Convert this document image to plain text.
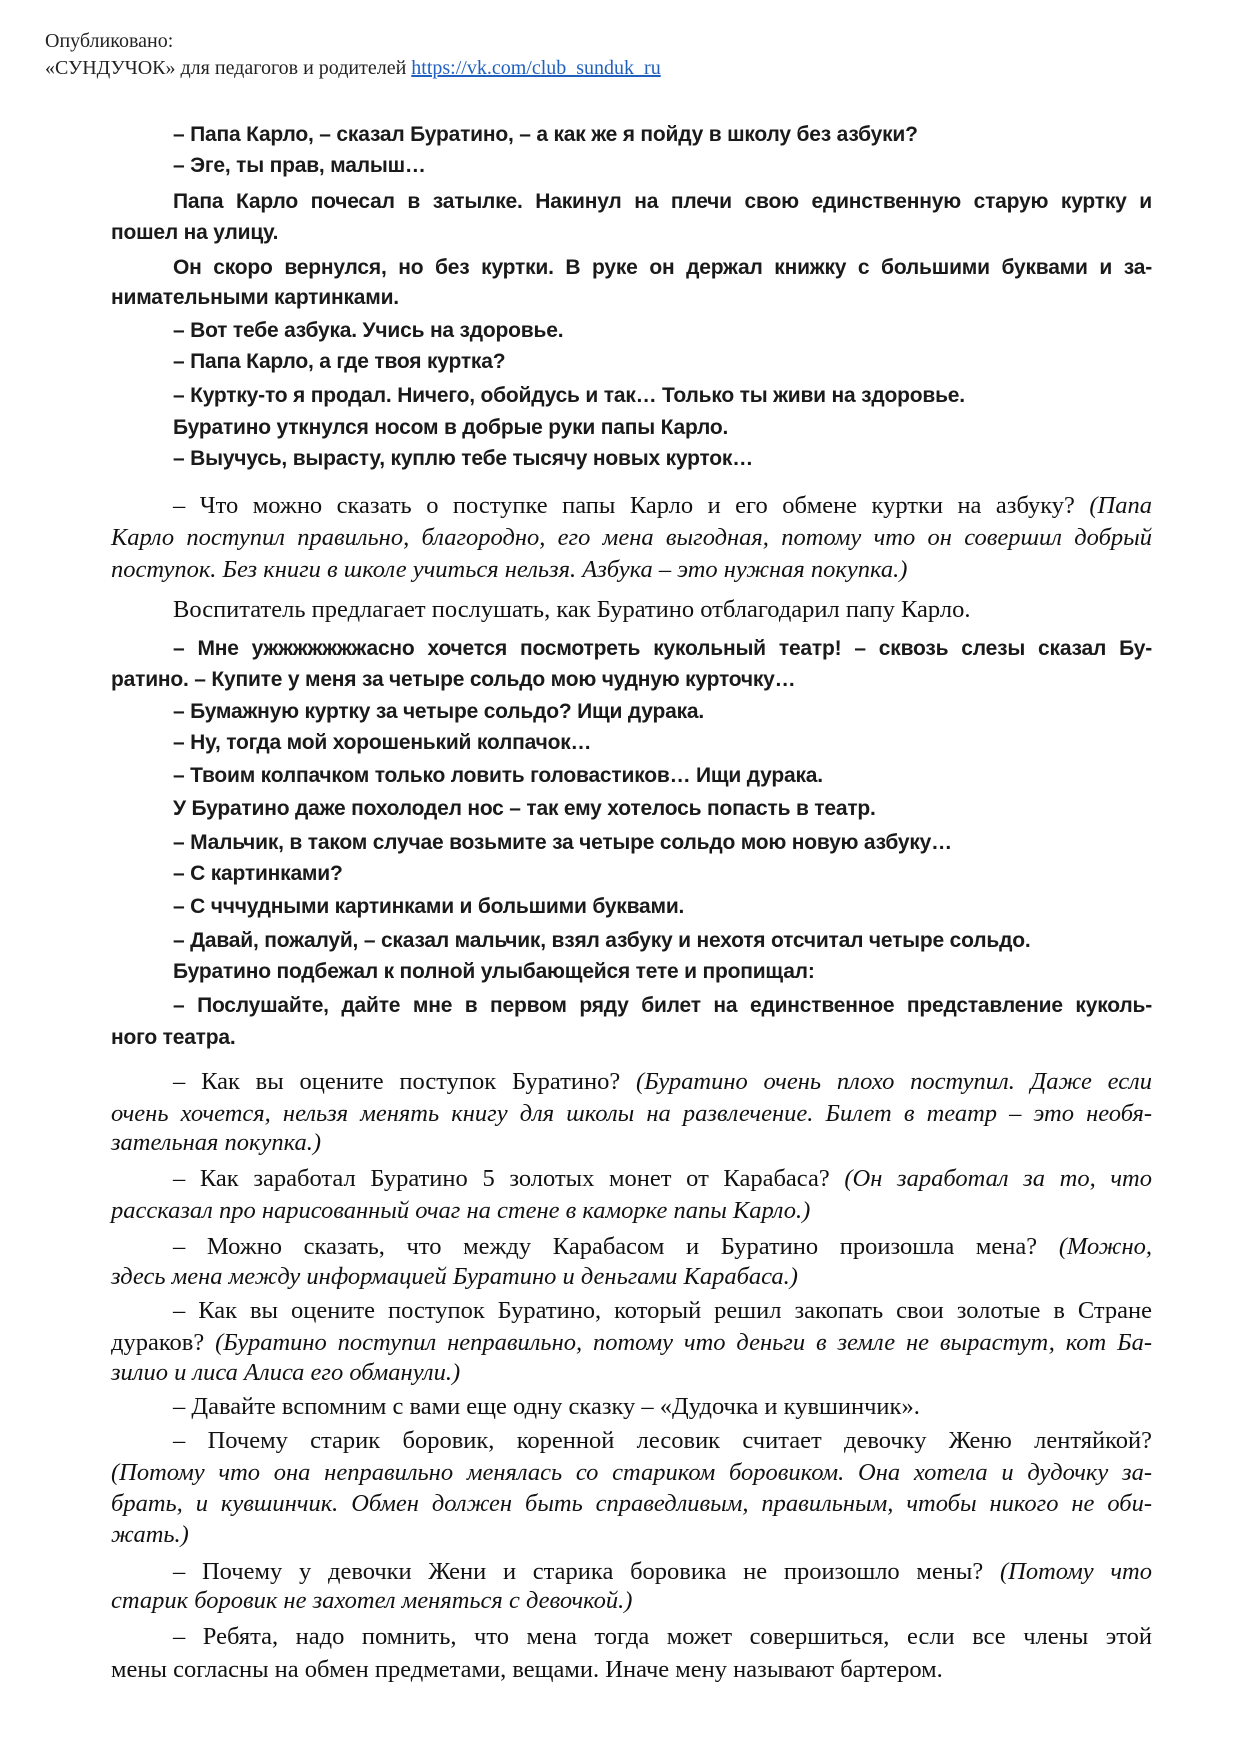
Опубликовано:
«СУНДУЧОК» для педагогов и родителей https://vk.com/club_sunduk_ru
– Папа Карло, – сказал Буратино, – а как же я пойду в школу без азбуки?
– Эге, ты прав, малыш…
Папа Карло почесал в затылке. Накинул на плечи свою единственную старую куртку и
пошел на улицу.
Он скоро вернулся, но без куртки. В руке он держал книжку с большими буквами и за-
нимательными картинками.
– Вот тебе азбука. Учись на здоровье.
– Папа Карло, а где твоя куртка?
– Куртку-то я продал. Ничего, обойдусь и так… Только ты живи на здоровье.
Буратино уткнулся носом в добрые руки папы Карло.
– Выучусь, вырасту, куплю тебе тысячу новых курток…
– Что можно сказать о поступке папы Карло и его обмене куртки на азбуку? (Папа
Карло поступил правильно, благородно, его мена выгодная, потому что он совершил добрый
поступок. Без книги в школе учиться нельзя. Азбука – это нужная покупка.)
Воспитатель предлагает послушать, как Буратино отблагодарил папу Карло.
– Мне ужжжжжжжасно хочется посмотреть кукольный театр! – сквозь слезы сказал Бу-
ратино. – Купите у меня за четыре сольдо мою чудную курточку…
– Бумажную куртку за четыре сольдо? Ищи дурака.
– Ну, тогда мой хорошенький колпачок…
– Твоим колпачком только ловить головастиков… Ищи дурака.
У Буратино даже похолодел нос – так ему хотелось попасть в театр.
– Мальчик, в таком случае возьмите за четыре сольдо мою новую азбуку…
– С картинками?
– С чччудными картинками и большими буквами.
– Давай, пожалуй, – сказал мальчик, взял азбуку и нехотя отсчитал четыре сольдо.
Буратино подбежал к полной улыбающейся тете и пропищал:
– Послушайте, дайте мне в первом ряду билет на единственное представление куколь-
ного театра.
– Как вы оцените поступок Буратино? (Буратино очень плохо поступил. Даже если
очень хочется, нельзя менять книгу для школы на развлечение. Билет в театр – это необя-
зательная покупка.)
– Как заработал Буратино 5 золотых монет от Карабаса? (Он заработал за то, что
рассказал про нарисованный очаг на стене в каморке папы Карло.)
– Можно сказать, что между Карабасом и Буратино произошла мена? (Можно,
здесь мена между информацией Буратино и деньгами Карабаса.)
– Как вы оцените поступок Буратино, который решил закопать свои золотые в Стране
дураков? (Буратино поступил неправильно, потому что деньги в земле не вырастут, кот Ба-
зилио и лиса Алиса его обманули.)
– Давайте вспомним с вами еще одну сказку – «Дудочка и кувшинчик».
– Почему старик боровик, коренной лесовик считает девочку Женю лентяйкой?
(Потому что она неправильно менялась со стариком боровиком. Она хотела и дудочку за-
брать, и кувшинчик. Обмен должен быть справедливым, правильным, чтобы никого не оби-
жать.)
– Почему у девочки Жени и старика боровика не произошло мены? (Потому что
старик боровик не захотел меняться с девочкой.)
– Ребята, надо помнить, что мена тогда может совершиться, если все члены этой
мены согласны на обмен предметами, вещами. Иначе мену называют бартером.
